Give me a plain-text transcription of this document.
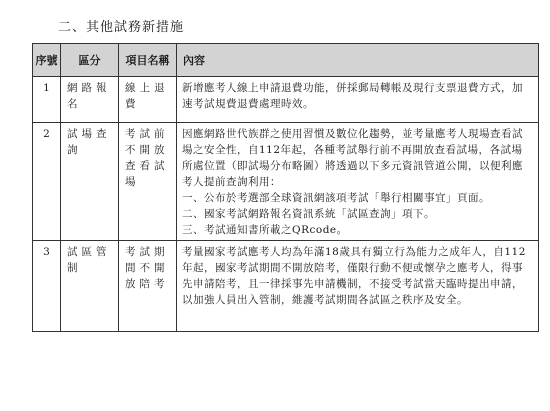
二、其他試務新措施
序號	區分	項目名稱	內容
1	網路報名	線上退費	新增應考人線上申請退費功能，併採郵局轉帳及現行支票退費方式，加速考試規費退費處理時效。

2	試場查詢	考試前不開放查看試場	因應網路世代族群之使用習慣及數位化趨勢，並考量應考人現場查看試場之安全性，自112年起，各種考試舉行前不再開放查看試場，各試場所處位置（即試場分布略圖）將透過以下多元資訊管道公開，以便利應考人提前查詢利用：
一、公布於考選部全球資訊網該項考試「舉行相關事宜」頁面。
二、國家考試網路報名資訊系統「試區查詢」項下。
三、考試通知書所載之QRcode。

3	試區管制	考試期間不開放陪考	考量國家考試應考人均為年滿18歲具有獨立行為能力之成年人，自112年起，國家考試期間不開放陪考，僅限行動不便或懷孕之應考人，得事先申請陪考，且一律採事先申請機制，不接受考試當天臨時提出申請，以加強人員出入管制，維護考試期間各試區之秩序及安全。
